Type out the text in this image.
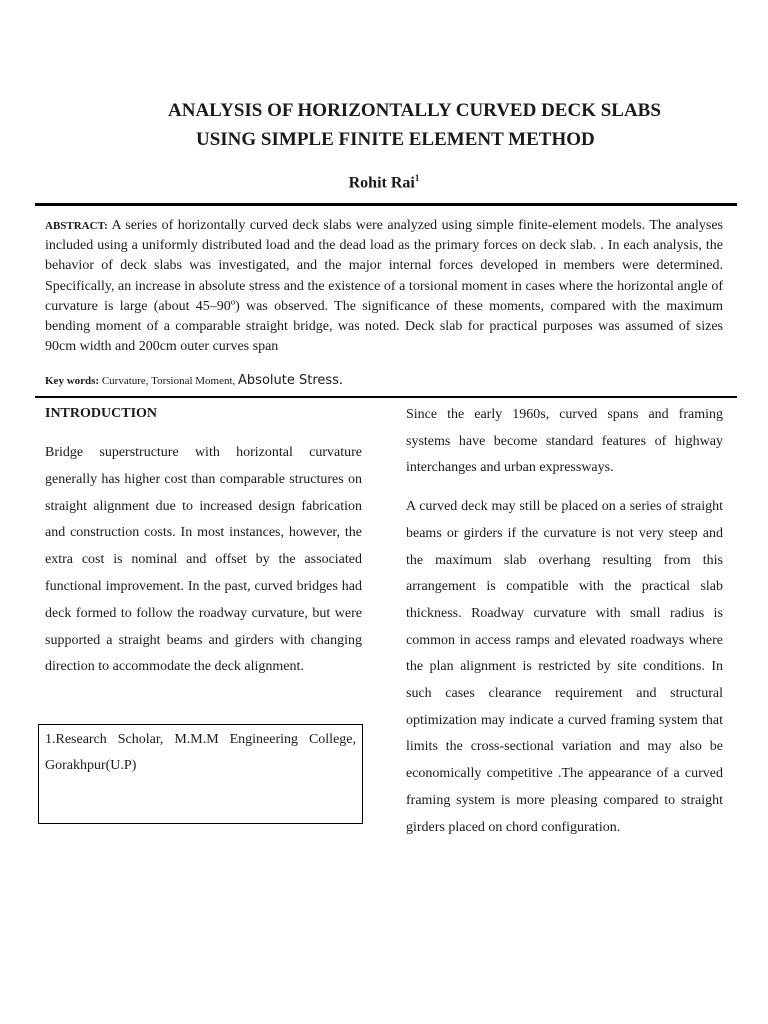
ANALYSIS OF HORIZONTALLY CURVED DECK SLABS
USING SIMPLE FINITE ELEMENT METHOD
Rohit Rai$^1$
ABSTRACT: A series of horizontally curved deck slabs were analyzed using simple finite-element models. The analyses included using a uniformly distributed load and the dead load as the primary forces on deck slab. . In each analysis, the behavior of deck slabs was investigated, and the major internal forces developed in members were determined. Specifically, an increase in absolute stress and the existence of a torsional moment in cases where the horizontal angle of curvature is large (about 45–90º) was observed. The significance of these moments, compared with the maximum bending moment of a comparable straight bridge, was noted. Deck slab for practical purposes was assumed of sizes 90cm width and 200cm outer curves span
Key words: Curvature, Torsional Moment, Absolute Stress.
INTRODUCTION

Bridge superstructure with horizontal curvature generally has higher cost than comparable structures on straight alignment due to increased design fabrication and construction costs. In most instances, however, the extra cost is nominal and offset by the associated functional improvement. In the past, curved bridges had deck formed to follow the roadway curvature, but were supported a straight beams and girders with changing direction to accommodate the deck alignment.

1.Research Scholar, M.M.M Engineering College, Gorakhpur(U.P)

Since the early 1960s, curved spans and framing systems have become standard features of highway interchanges and urban expressways.

A curved deck may still be placed on a series of straight beams or girders if the curvature is not very steep and the maximum slab overhang resulting from this arrangement is compatible with the practical slab thickness. Roadway curvature with small radius is common in access ramps and elevated roadways where the plan alignment is restricted by site conditions. In such cases clearance requirement and structural optimization may indicate a curved framing system that limits the cross-sectional variation and may also be economically competitive .The appearance of a curved framing system is more pleasing compared to straight girders placed on chord configuration.
